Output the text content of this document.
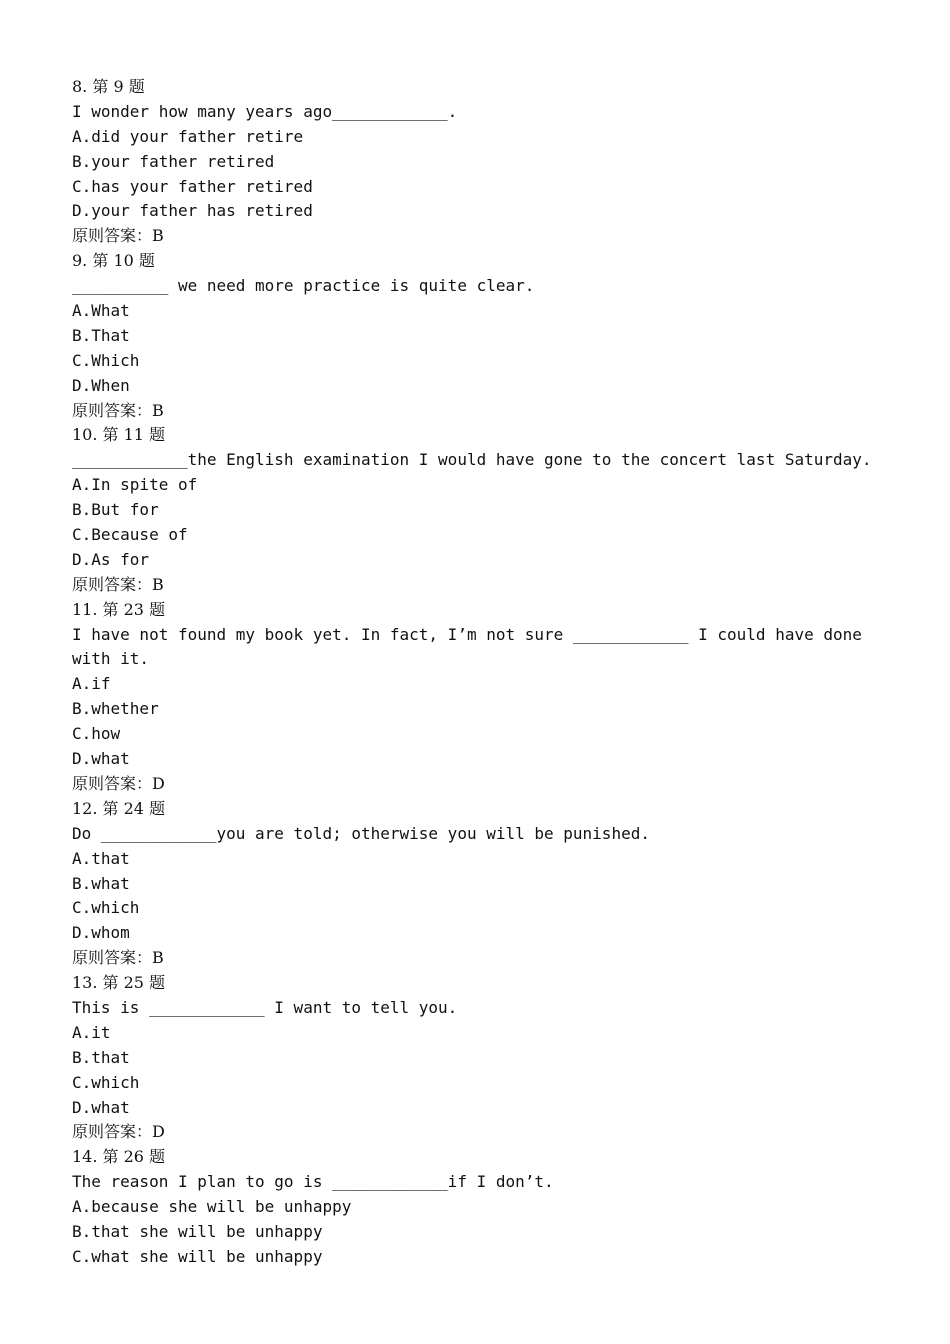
8. 第 9 题
I wonder how many years ago____________.
A.did your father retire
B.your father retired
C.has your father retired
D.your father has retired
原则答案：B
9. 第 10 题
__________ we need more practice is quite clear.
A.What
B.That
C.Which
D.When
原则答案：B
10. 第 11 题
____________the English examination I would have gone to the concert last Saturday.
A.In spite of
B.But for
C.Because of
D.As for
原则答案：B
11. 第 23 题
I have not found my book yet. In fact, I’m not sure ____________ I could have done
with it.
A.if
B.whether
C.how
D.what
原则答案：D
12. 第 24 题
Do ____________you are told; otherwise you will be punished.
A.that
B.what
C.which
D.whom
原则答案：B
13. 第 25 题
This is ____________ I want to tell you.
A.it
B.that
C.which
D.what
原则答案：D
14. 第 26 题
The reason I plan to go is ____________if I don’t.
A.because she will be unhappy
B.that she will be unhappy
C.what she will be unhappy
